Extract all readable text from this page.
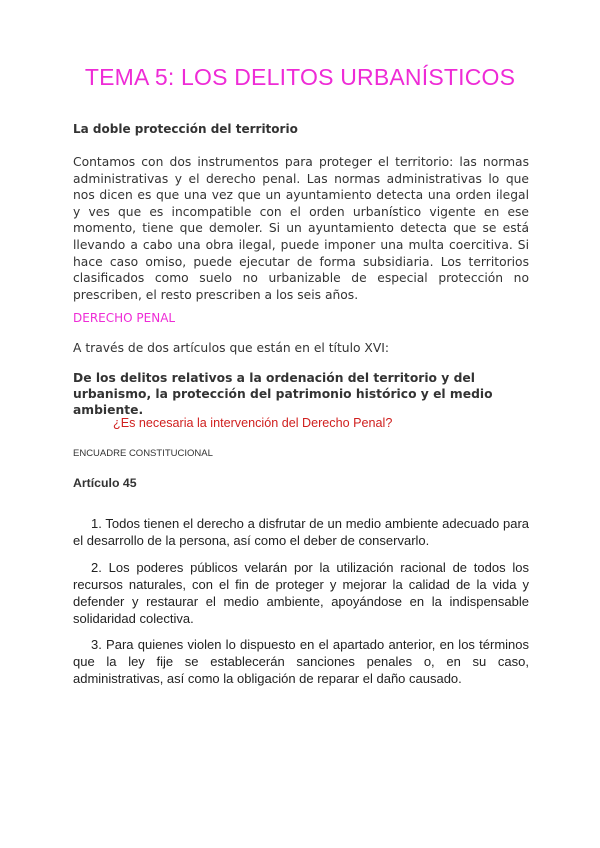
TEMA 5: LOS DELITOS URBANÍSTICOS
La doble protección del territorio

Contamos con dos instrumentos para proteger el territorio: las normas administrativas y el derecho penal. Las normas administrativas lo que nos dicen es que una vez que un ayuntamiento detecta una orden ilegal y ves que es incompatible con el orden urbanístico vigente en ese momento, tiene que demoler. Si un ayuntamiento detecta que se está llevando a cabo una obra ilegal, puede imponer una multa coercitiva. Si hace caso omiso, puede ejecutar de forma subsidiaria. Los territorios clasificados como suelo no urbanizable de especial protección no prescriben, el resto prescriben a los seis años.

DERECHO PENAL
A través de dos artículos que están en el título XVI:

De los delitos relativos a la ordenación del territorio y del urbanismo, la protección del patrimonio histórico y el medio ambiente.

¿Es necesaria la intervención del Derecho Penal?
ENCUADRE CONSTITUCIONAL
Artículo 45

1. Todos tienen el derecho a disfrutar de un medio ambiente adecuado para el desarrollo de la persona, así como el deber de conservarlo.

2. Los poderes públicos velarán por la utilización racional de todos los recursos naturales, con el fin de proteger y mejorar la calidad de la vida y defender y restaurar el medio ambiente, apoyándose en la indispensable solidaridad colectiva.

3. Para quienes violen lo dispuesto en el apartado anterior, en los términos que la ley fije se establecerán sanciones penales o, en su caso, administrativas, así como la obligación de reparar el daño causado.
